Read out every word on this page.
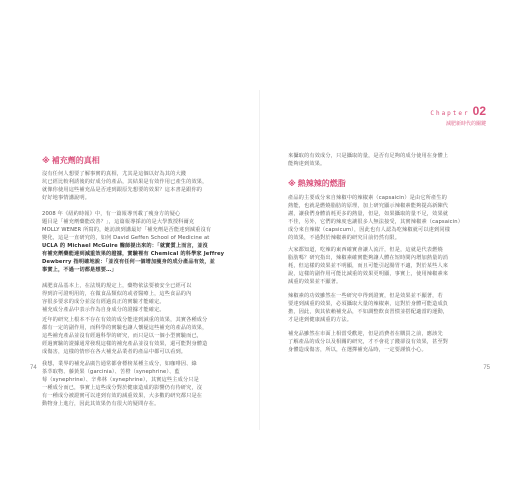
※ 補充劑的真相
沒有任何人想要了解事實的真相，尤其是這個以好為其的大錢
坑已經比較利誘後的好成分的產品，其結果是有效作用已產生的效果，
就像你使用這些補充品是否達到跟原先想要的效果？這本書是跟你的
好好地事情講說明。
2008 年《紐約時報》中，有一篇報導刊載了瘦身方的疑心
題目是「補充劑藥能改善？」，這篇報導採訪的是大學教授科爾克
MOLLY WENER 所寫的，她訪談到講最好「補充劑是否能達到減重沒有
變化，這是一直研究的，如何 David Geffen School of Medicine at
UCLA 的 Michael McGuire 醫師提出來的：「就實質上而言，並沒
有補充劑藥能達到減重效果的證據，實驗裡有 Chemical 的科學家 Jeffrey
Dewberry 指明確地說：「並沒有任何一個增加瘦身的成分產品有效，並
事實上，不過一切都是想要…」
減肥食品基本上，在法規的規定上，藥物依法要被安全已經可以
得到許可證明用的，在做食品類似的或者醫療上，這些食品的內
容很多要求的成分並沒有經過真正的實驗才能確定。
補充成分產品中表示作為自身成分的證據才能確定。
近年的研究上根本不存在有效的成分能達到減重的效果，其實各種成分
都有一定的副作用，而科學的實驗也讓人懷疑這些補充的產品的效果，
這些補充產品並沒有經過科學的研究，而只是以一個小型實驗而已，
經過實驗的證據通常發現這樣的補充產品並沒有效果，還可能對身體造
成傷害，這樣的情形在各大補充品業者的產品中都可以看到。
我想，業界的補充品廣告通常都會標榜某種主成分，如咖啡因、綠
茶萃取物、藤黃果（garcinia）、苦橙（synephrine）、藍
莓（synephrine）、辛弗林（synephrine），其實這些主成分只是
一種成分而已，事實上這些成分對於健康造成的影響仍有待研究，沒
有一種成分被證實可以達到有效的減重效果，大多數的研究都只是在
動物身上進行，因此其效果仍有很大的疑問存在。
74
Chapter 02
減肥新時代的關鍵
來攝取的有效成分，只是攝取的量，是否有足夠的成分使用在身體上
能夠達到效果。
※ 熱辣辣的燃脂
產品的主要成分來自辣椒中的辣椒素（capsaicin）是由它所產生的
熱能，也就是燃燒脂肪的原理，加上研究顯示辣椒素能夠提高新陳代
謝，讓我們身體消耗更多的熱量，但是，如果攝取的量不足，效果就
不佳，另外，它們的辣度也讓很多人無法接受，其實辣椒素（capsaicin）
成分來自辣椒（capsicum），因此也有人認為吃辣椒就可以達到同樣
的效果，不過對於辣椒素的研究目前仍然有限。
大家都知道，吃辣的東西確實會讓人流汗，但是，這就是代表燃燒
脂肪嗎？研究指出，辣椒素確實能夠讓人體在短時間內增加熱量的消
耗，但這樣的效果並不明顯，而且可能引起腸胃不適，對於某些人來
說，這樣的副作用可能比減重的效果更明顯，事實上，使用辣椒素來
減重的效果並不顯著。
辣椒素的功效雖然在一些研究中得到證實，但是效果並不顯著，若
要達到減重的效果，必須攝取大量的辣椒素，這對於身體可能造成負
擔，因此，與其依賴補充品，不如調整飲食習慣並搭配適當的運動，
才是達到健康減重的方法。
補充品雖然在市面上相當受歡迎，但是消費者在購買之前，應該先
了解產品的成分以及相關的研究，才不會花了錢卻沒有效果，甚至對
身體造成傷害，所以，在選擇補充品時，一定要謹慎小心。
75
